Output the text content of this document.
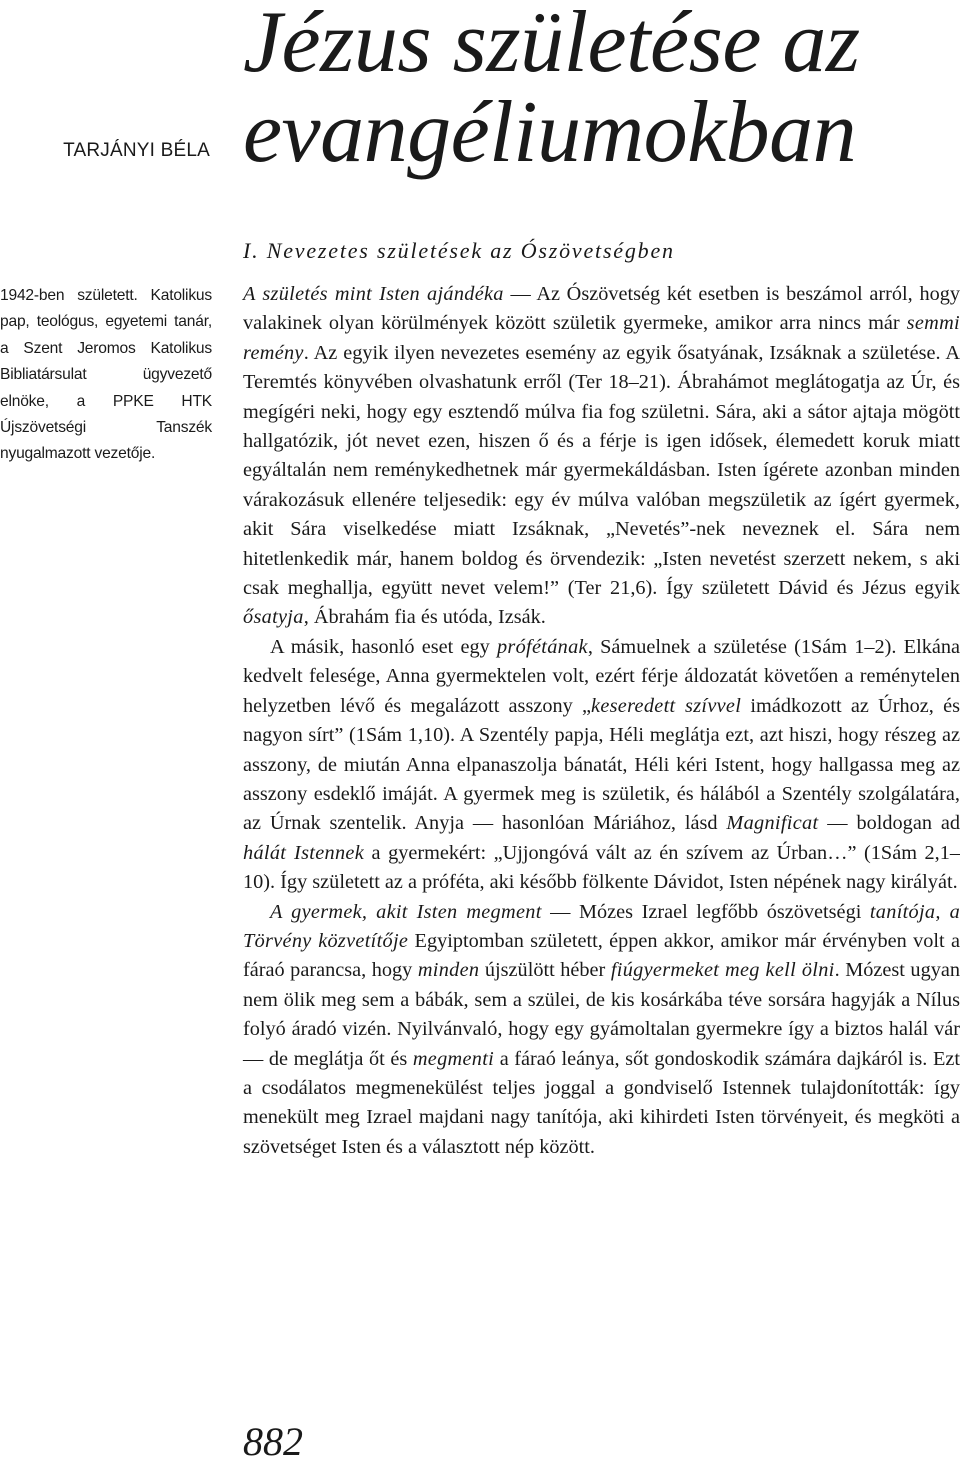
TARJÁNYI BÉLA

Jézus születése az
evangéliumokban

1942-ben született. Katolikus pap, teológus, egyetemi tanár, a Szent Jeromos Katolikus Bibliatársulat ügyvezető elnöke, a PPKE HTK Újszövetségi Tanszék nyugalmazott vezetője.

I. Nevezetes születések az Ószövetségben

A születés mint Isten ajándéka — Az Ószövetség két esetben is beszámol arról, hogy valakinek olyan körülmények között születik gyermeke, amikor arra nincs már semmi remény. Az egyik ilyen nevezetes esemény az egyik ősatyának, Izsáknak a születése. A Teremtés könyvében olvashatunk erről (Ter 18–21). Ábrahámot meglátogatja az Úr, és megígéri neki, hogy egy esztendő múlva fia fog születni. Sára, aki a sátor ajtaja mögött hallgatózik, jót nevet ezen, hiszen ő és a férje is igen idősek, élemedett koruk miatt egyáltalán nem reménykedhetnek már gyermekáldásban. Isten ígérete azonban minden várakozásuk ellenére teljesedik: egy év múlva valóban megszületik az ígért gyermek, akit Sára viselkedése miatt Izsáknak, „Nevetés”-nek neveznek el. Sára nem hitetlenkedik már, hanem boldog és örvendezik: „Isten nevetést szerzett nekem, s aki csak meghallja, együtt nevet velem!” (Ter 21,6). Így született Dávid és Jézus egyik ősatyja, Ábrahám fia és utóda, Izsák.

A másik, hasonló eset egy prófétának, Sámuelnek a születése (1Sám 1–2). Elkána kedvelt felesége, Anna gyermektelen volt, ezért férje áldozatát követően a reménytelen helyzetben lévő és megalázott asszony „keseredett szívvel imádkozott az Úrhoz, és nagyon sírt” (1Sám 1,10). A Szentély papja, Héli meglátja ezt, azt hiszi, hogy részeg az asszony, de miután Anna elpanaszolja bánatát, Héli kéri Istent, hogy hallgassa meg az asszony esdeklő imáját. A gyermek meg is születik, és hálából a Szentély szolgálatára, az Úrnak szentelik. Anyja — hasonlóan Máriához, lásd Magnificat — boldogan ad hálát Istennek a gyermekért: „Ujjongóvá vált az én szívem az Úrban…” (1Sám 2,1–10). Így született az a próféta, aki később fölkente Dávidot, Isten népének nagy királyát.

A gyermek, akit Isten megment — Mózes Izrael legfőbb ószövetségi tanítója, a Törvény közvetítője Egyiptomban született, éppen akkor, amikor már érvényben volt a fáraó parancsa, hogy minden újszülött héber fiúgyermeket meg kell ölni. Mózest ugyan nem ölik meg sem a bábák, sem a szülei, de kis kosárkába téve sorsára hagyják a Nílus folyó áradó vizén. Nyilvánvaló, hogy egy gyámoltalan gyermekre így a biztos halál vár — de meglátja őt és megmenti a fáraó leánya, sőt gondoskodik számára dajkáról is. Ezt a csodálatos megmenekülést teljes joggal a gondviselő Istennek tulajdonították: így menekült meg Izrael majdani nagy tanítója, aki kihirdeti Isten törvényeit, és megköti a szövetséget Isten és a választott nép között.

882
